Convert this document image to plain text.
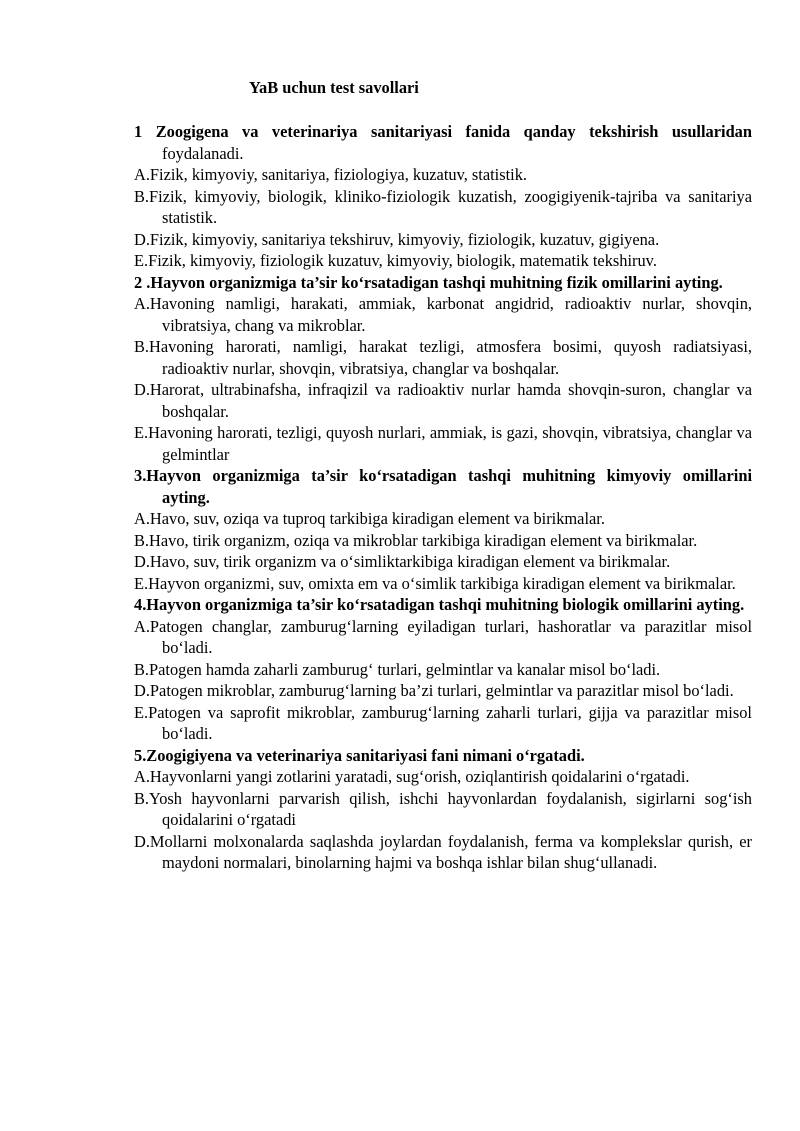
YaB uchun test savollari

1 Zoogigena va veterinariya sanitariyasi fanida qanday tekshirish usullaridan foydalanadi.

A.Fizik, kimyoviy, sanitariya, fiziologiya, kuzatuv, statistik.

B.Fizik, kimyoviy, biologik, kliniko-fiziologik kuzatish, zoogigiyenik-tajriba va sanitariya statistik.

D.Fizik, kimyoviy, sanitariya tekshiruv, kimyoviy, fiziologik, kuzatuv, gigiyena.

E.Fizik, kimyoviy, fiziologik kuzatuv, kimyoviy, biologik, matematik tekshiruv.

2 .Hayvon organizmiga ta’sir ko‘rsatadigan tashqi muhitning fizik omillarini ayting.

A.Havoning namligi, harakati, ammiak, karbonat angidrid, radioaktiv nurlar, shovqin, vibratsiya, chang va mikroblar.

B.Havoning harorati, namligi, harakat tezligi, atmosfera bosimi, quyosh radiatsiyasi, radioaktiv nurlar, shovqin, vibratsiya, changlar va boshqalar.

D.Harorat, ultrabinafsha, infraqizil va radioaktiv nurlar hamda shovqin-suron, changlar va boshqalar.

E.Havoning harorati, tezligi, quyosh nurlari, ammiak, is gazi, shovqin, vibratsiya, changlar va gelmintlar

3.Hayvon organizmiga ta’sir ko‘rsatadigan tashqi muhitning kimyoviy omillarini ayting.

A.Havo, suv, oziqa va tuproq tarkibiga kiradigan element va birikmalar.

B.Havo, tirik organizm, oziqa va mikroblar tarkibiga kiradigan element va birikmalar.

D.Havo, suv, tirik organizm va o‘simliktarkibiga kiradigan element va birikmalar.

E.Hayvon organizmi, suv, omixta em va o‘simlik tarkibiga kiradigan element va birikmalar.

4.Hayvon organizmiga ta’sir ko‘rsatadigan tashqi muhitning biologik omillarini ayting.

A.Patogen changlar, zamburug‘larning eyiladigan turlari, hashoratlar va parazitlar misol bo‘ladi.

B.Patogen hamda zaharli zamburug‘ turlari, gelmintlar va kanalar misol bo‘ladi.

D.Patogen mikroblar, zamburug‘larning ba’zi turlari, gelmintlar va parazitlar misol bo‘ladi.

E.Patogen va saprofit mikroblar, zamburug‘larning zaharli turlari, gijja va parazitlar misol bo‘ladi.

5.Zoogigiyena va veterinariya sanitariyasi fani nimani o‘rgatadi.

A.Hayvonlarni yangi zotlarini yaratadi, sug‘orish, oziqlantirish qoidalarini o‘rgatadi.

B.Yosh hayvonlarni parvarish qilish, ishchi hayvonlardan foydalanish, sigirlarni sog‘ish qoidalarini o‘rgatadi

D.Mollarni molxonalarda saqlashda joylardan foydalanish, ferma va komplekslar qurish, er maydoni normalari, binolarning hajmi va boshqa ishlar bilan shug‘ullanadi.
